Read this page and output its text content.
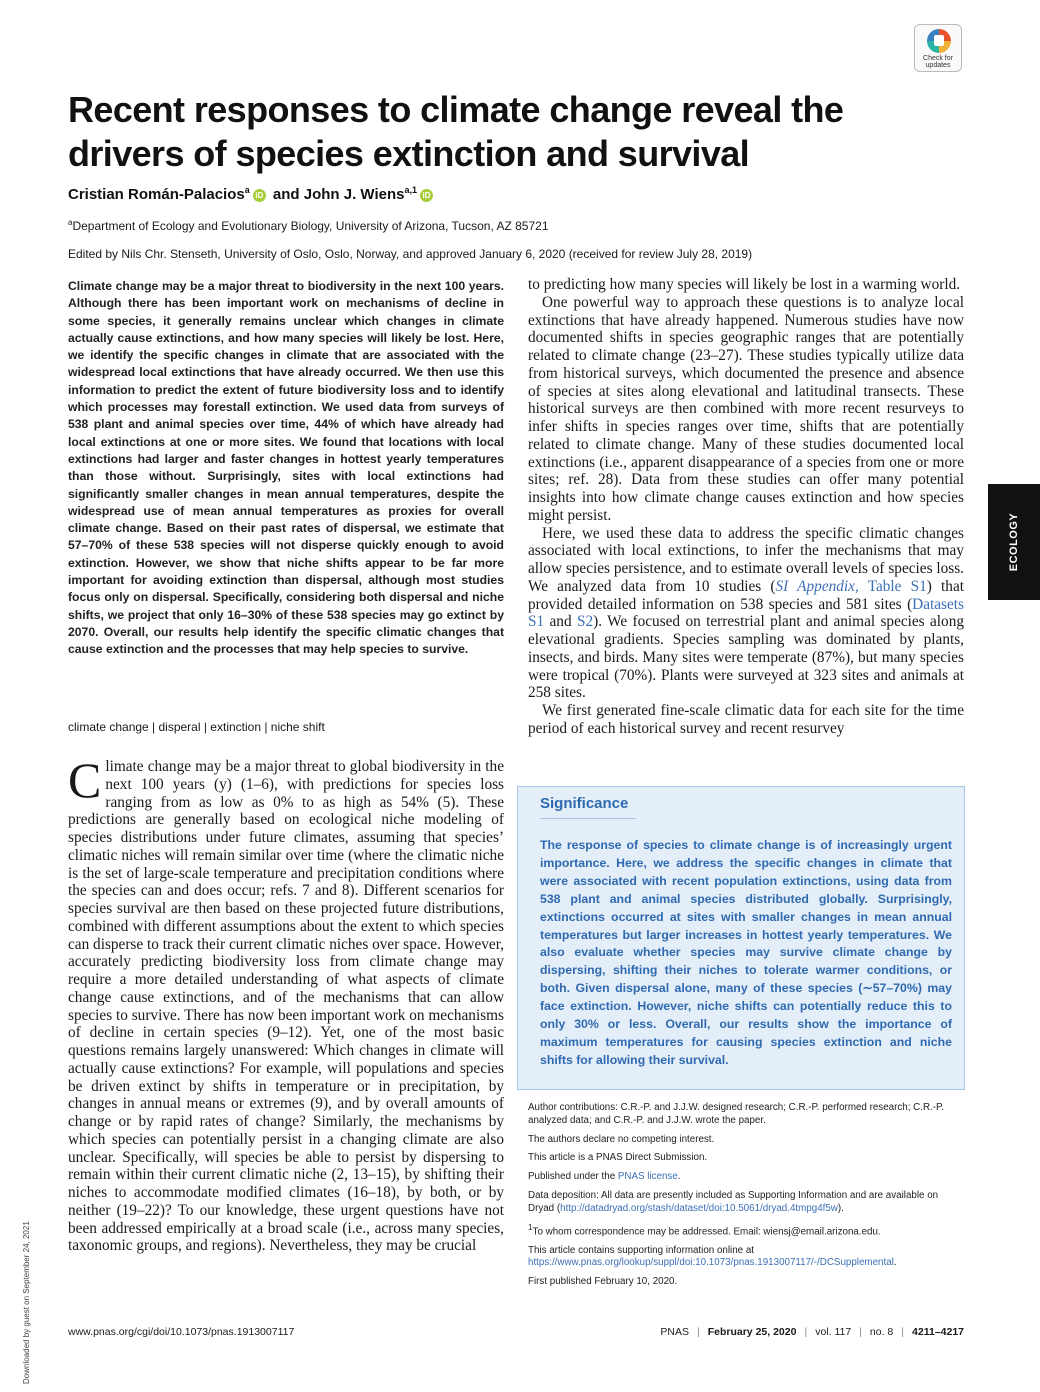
Check for
updates
Recent responses to climate change reveal the drivers of species extinction and survival
Cristian Román-Palacios$^a$iD and John J. Wiens$^{a,1}$iD
$^a$Department of Ecology and Evolutionary Biology, University of Arizona, Tucson, AZ 85721
Edited by Nils Chr. Stenseth, University of Oslo, Oslo, Norway, and approved January 6, 2020 (received for review July 28, 2019)
Climate change may be a major threat to biodiversity in the next 100 years. Although there has been important work on mechanisms of decline in some species, it generally remains unclear which changes in climate actually cause extinctions, and how many species will likely be lost. Here, we identify the specific changes in climate that are associated with the widespread local extinctions that have already occurred. We then use this information to predict the extent of future biodiversity loss and to identify which processes may forestall extinction. We used data from surveys of 538 plant and animal species over time, 44% of which have already had local extinctions at one or more sites. We found that locations with local extinctions had larger and faster changes in hottest yearly temperatures than those without. Surprisingly, sites with local extinctions had significantly smaller changes in mean annual temperatures, despite the widespread use of mean annual temperatures as proxies for overall climate change. Based on their past rates of dispersal, we estimate that 57–70% of these 538 species will not disperse quickly enough to avoid extinction. However, we show that niche shifts appear to be far more important for avoiding extinction than dispersal, although most studies focus only on dispersal. Specifically, considering both dispersal and niche shifts, we project that only 16–30% of these 538 species may go extinct by 2070. Overall, our results help identify the specific climatic changes that cause extinction and the processes that may help species to survive.
climate change | disperal | extinction | niche shift
Climate change may be a major threat to global biodiversity in the next 100 years (y) (1–6), with predictions for species loss ranging from as low as 0% to as high as 54% (5). These predictions are generally based on ecological niche modeling of species distributions under future climates, assuming that species’ climatic niches will remain similar over time (where the climatic niche is the set of large-scale temperature and precipitation conditions where the species can and does occur; refs. 7 and 8). Different scenarios for species survival are then based on these projected future distributions, combined with different assumptions about the extent to which species can disperse to track their current climatic niches over space. However, accurately predicting biodiversity loss from climate change may require a more detailed understanding of what aspects of climate change cause extinctions, and of the mechanisms that can allow species to survive. There has now been important work on mechanisms of decline in certain species (9–12). Yet, one of the most basic questions remains largely unanswered: Which changes in climate will actually cause extinctions? For example, will populations and species be driven extinct by shifts in temperature or in precipitation, by changes in annual means or extremes (9), and by overall amounts of change or by rapid rates of change? Similarly, the mechanisms by which species can potentially persist in a changing climate are also unclear. Specifically, will species be able to persist by dispersing to remain within their current climatic niche (2, 13–15), by shifting their niches to accommodate modified climates (16–18), by both, or by neither (19–22)? To our knowledge, these urgent questions have not been addressed empirically at a broad scale (i.e., across many species, taxonomic groups, and regions). Nevertheless, they may be crucial

to predicting how many species will likely be lost in a warming world.

One powerful way to approach these questions is to analyze local extinctions that have already happened. Numerous studies have now documented shifts in species geographic ranges that are potentially related to climate change (23–27). These studies typically utilize data from historical surveys, which documented the presence and absence of species at sites along elevational and latitudinal transects. These historical surveys are then combined with more recent resurveys to infer shifts in species ranges over time, shifts that are potentially related to climate change. Many of these studies documented local extinctions (i.e., apparent disappearance of a species from one or more sites; ref. 28). Data from these studies can offer many potential insights into how climate change causes extinction and how species might persist.

Here, we used these data to address the specific climatic changes associated with local extinctions, to infer the mechanisms that may allow species persistence, and to estimate overall levels of species loss. We analyzed data from 10 studies (SI Appendix, Table S1) that provided detailed information on 538 species and 581 sites (Datasets S1 and S2). We focused on terrestrial plant and animal species along elevational gradients. Species sampling was dominated by plants, insects, and birds. Many sites were temperate (87%), but many species were tropical (70%). Plants were surveyed at 323 sites and animals at 258 sites.

We first generated fine-scale climatic data for each site for the time period of each historical survey and recent resurvey

Significance
The response of species to climate change is of increasingly urgent importance. Here, we address the specific changes in climate that were associated with recent population extinctions, using data from 538 plant and animal species distributed globally. Surprisingly, extinctions occurred at sites with smaller changes in mean annual temperatures but larger increases in hottest yearly temperatures. We also evaluate whether species may survive climate change by dispersing, shifting their niches to tolerate warmer conditions, or both. Given dispersal alone, many of these species (∼57–70%) may face extinction. However, niche shifts can potentially reduce this to only 30% or less. Overall, our results show the importance of maximum temperatures for causing species extinction and niche shifts for allowing their survival.

Author contributions: C.R.-P. and J.J.W. designed research; C.R.-P. performed research; C.R.-P. analyzed data; and C.R.-P. and J.J.W. wrote the paper.

The authors declare no competing interest.

This article is a PNAS Direct Submission.

Published under the PNAS license.

Data deposition: All data are presently included as Supporting Information and are available on Dryad (http://datadryad.org/stash/dataset/doi:10.5061/dryad.4tmpg4f5w).

$^1$To whom correspondence may be addressed. Email: wiensj@email.arizona.edu.

This article contains supporting information online at https://www.pnas.org/lookup/suppl/doi:10.1073/pnas.1913007117/-/DCSupplemental.

First published February 10, 2020.

www.pnas.org/cgi/doi/10.1073/pnas.1913007117	PNAS | February 25, 2020 | vol. 117 | no. 8 | 4211–4217
ECOLOGY
Downloaded by guest on September 24, 2021
